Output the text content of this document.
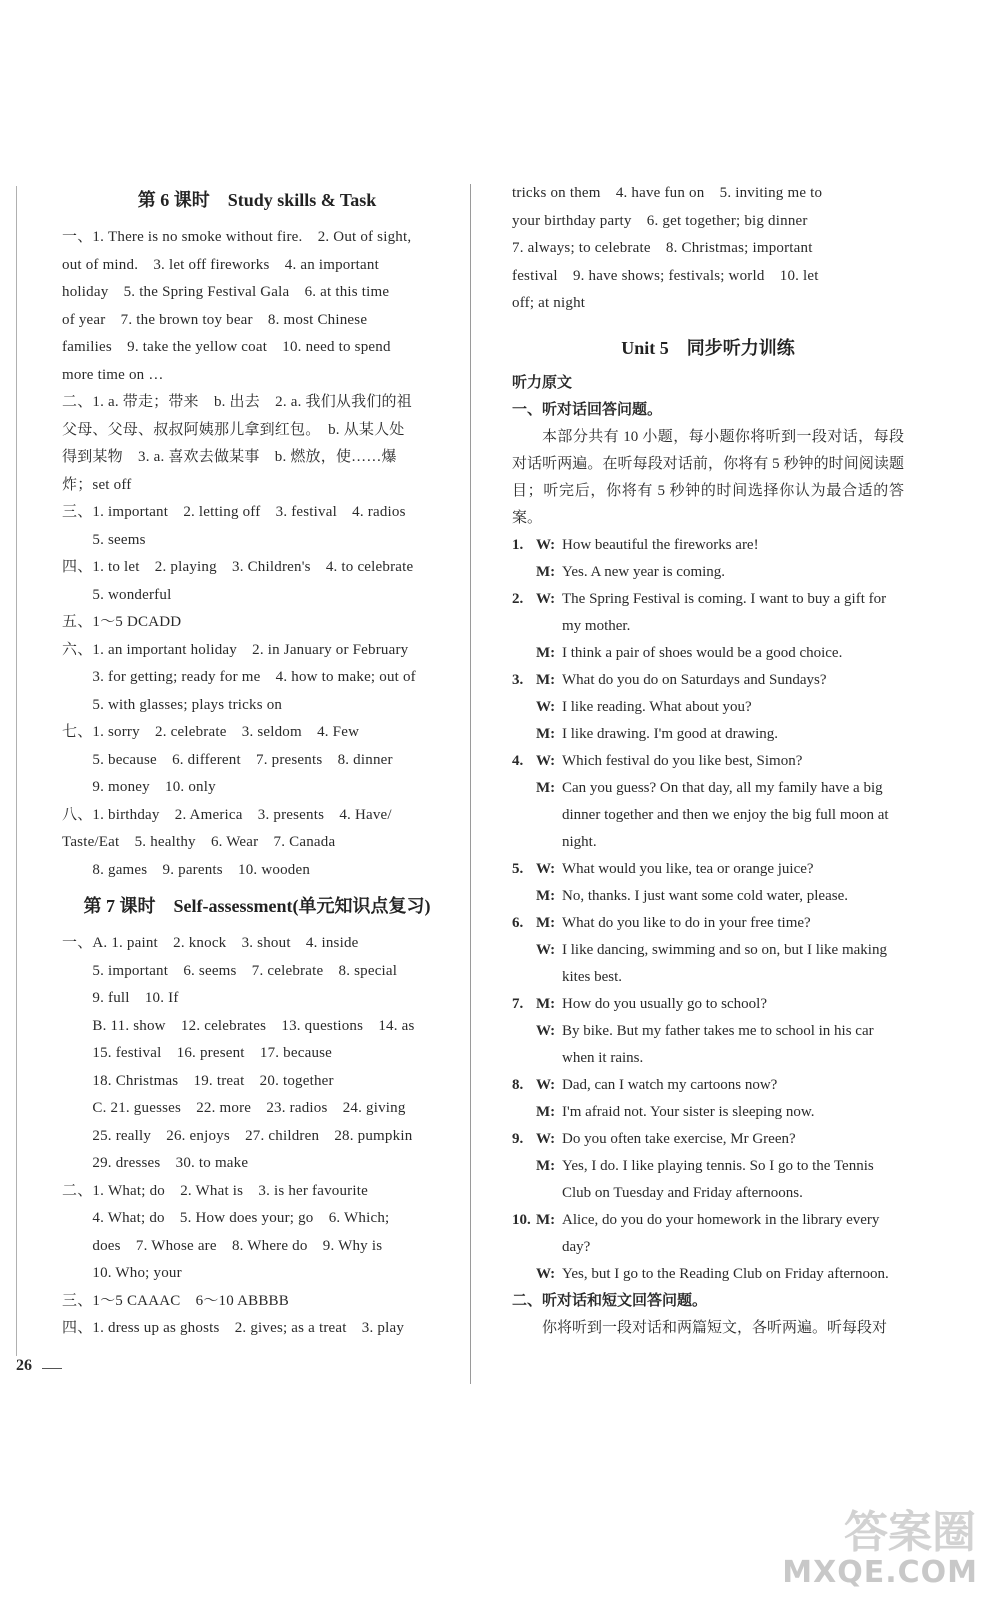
第 6 课时　Study skills & Task
一、1. There is no smoke without fire.　2. Out of sight,
out of mind.　3. let off fireworks　4. an important
holiday　5. the Spring Festival Gala　6. at this time
of year　7. the brown toy bear　8. most Chinese
families　9. take the yellow coat　10. need to spend
more time on …
二、1. a. 带走；带来　b. 出去　2. a. 我们从我们的祖
父母、父母、叔叔阿姨那儿拿到红包。　b. 从某人处
得到某物　3. a. 喜欢去做某事　b. 燃放，使……爆
炸；set off
三、1. important　2. letting off　3. festival　4. radios
　　5. seems
四、1. to let　2. playing　3. Children's　4. to celebrate
　　5. wonderful
五、1～5 DCADD
六、1. an important holiday　2. in January or February
　　3. for getting; ready for me　4. how to make; out of
　　5. with glasses; plays tricks on
七、1. sorry　2. celebrate　3. seldom　4. Few
　　5. because　6. different　7. presents　8. dinner
　　9. money　10. only
八、1. birthday　2. America　3. presents　4. Have/
Taste/Eat　5. healthy　6. Wear　7. Canada
　　8. games　9. parents　10. wooden
第 7 课时　Self-assessment(单元知识点复习)
一、A. 1. paint　2. knock　3. shout　4. inside
　　5. important　6. seems　7. celebrate　8. special
　　9. full　10. If
　　B. 11. show　12. celebrates　13. questions　14. as
　　15. festival　16. present　17. because
　　18. Christmas　19. treat　20. together
　　C. 21. guesses　22. more　23. radios　24. giving
　　25. really　26. enjoys　27. children　28. pumpkin
　　29. dresses　30. to make
二、1. What; do　2. What is　3. is her favourite
　　4. What; do　5. How does your; go　6. Which;
　　does　7. Whose are　8. Where do　9. Why is
　　10. Who; your
三、1～5 CAAAC　6～10 ABBBB
四、1. dress up as ghosts　2. gives; as a treat　3. play
tricks on them　4. have fun on　5. inviting me to
your birthday party　6. get together; big dinner
7. always; to celebrate　8. Christmas; important
festival　9. have shows; festivals; world　10. let
off; at night
Unit 5　同步听力训练
听力原文
一、听对话回答问题。
本部分共有 10 小题，每小题你将听到一段对话，每段对话听两遍。在听每段对话前，你将有 5 秒钟的时间阅读题目；听完后，你将有 5 秒钟的时间选择你认为最合适的答案。
1. W: How beautiful the fireworks are!
M: Yes. A new year is coming.
2. W: The Spring Festival is coming. I want to buy a gift for my mother.
M: I think a pair of shoes would be a good choice.
3. M: What do you do on Saturdays and Sundays?
W: I like reading. What about you?
M: I like drawing. I'm good at drawing.
4. W: Which festival do you like best, Simon?
M: Can you guess? On that day, all my family have a big dinner together and then we enjoy the big full moon at night.
5. W: What would you like, tea or orange juice?
M: No, thanks. I just want some cold water, please.
6. M: What do you like to do in your free time?
W: I like dancing, swimming and so on, but I like making kites best.
7. M: How do you usually go to school?
W: By bike. But my father takes me to school in his car when it rains.
8. W: Dad, can I watch my cartoons now?
M: I'm afraid not. Your sister is sleeping now.
9. W: Do you often take exercise, Mr Green?
M: Yes, I do. I like playing tennis. So I go to the Tennis Club on Tuesday and Friday afternoons.
10. M: Alice, do you do your homework in the library every day?
W: Yes, but I go to the Reading Club on Friday afternoon.
二、听对话和短文回答问题。
你将听到一段对话和两篇短文，各听两遍。听每段对
26
答案圈
MXQE.COM
